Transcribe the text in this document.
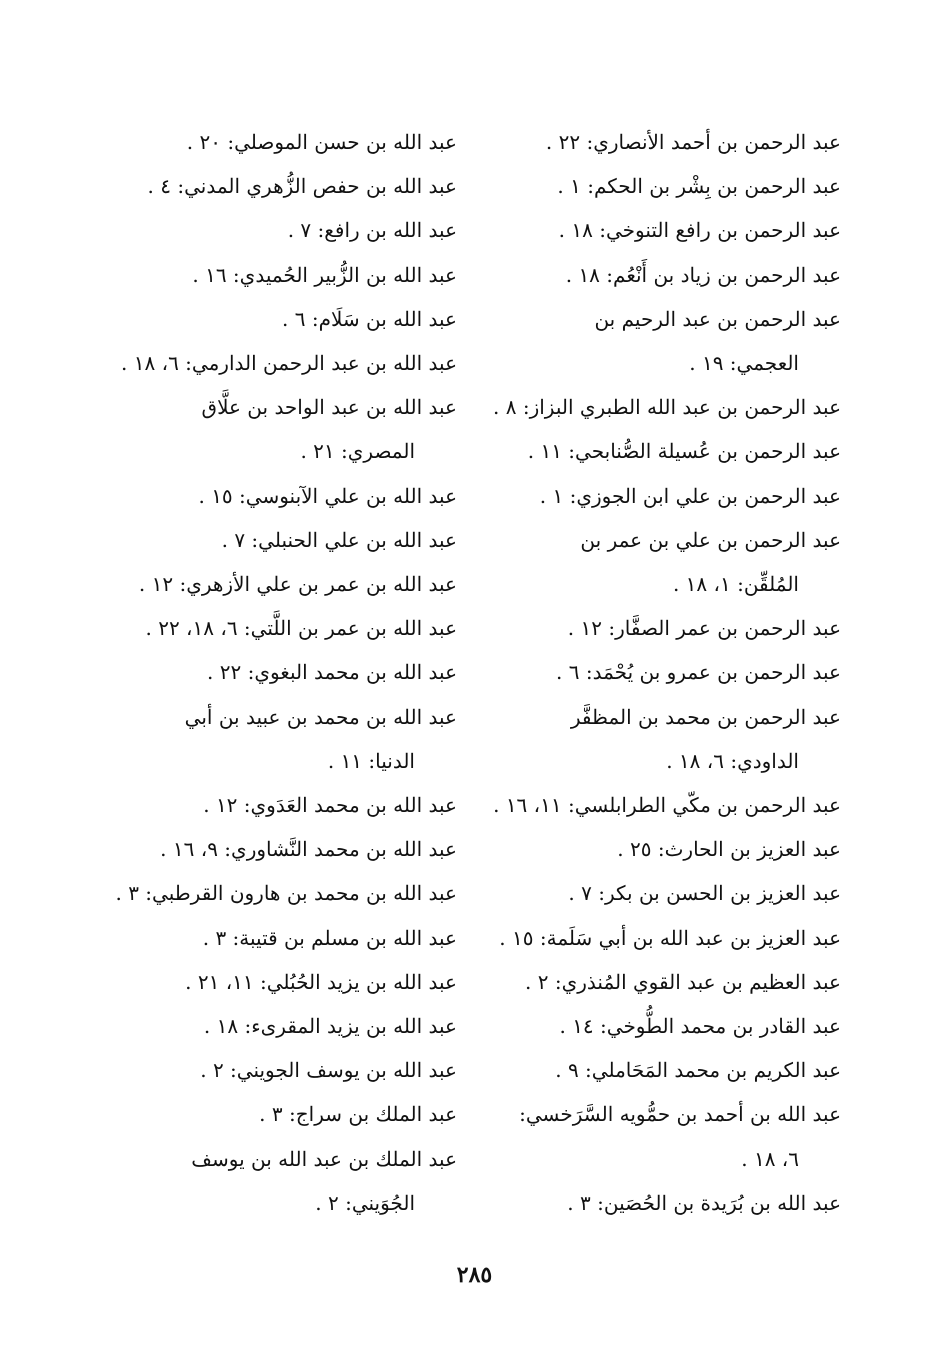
عبد الرحمن بن أحمد الأنصاري: ٢٢ .
عبد الرحمن بن بِشْر بن الحكم: ١ .
عبد الرحمن بن رافع التنوخي: ١٨ .
عبد الرحمن بن زياد بن أَنْعُم: ١٨ .
عبد الرحمن بن عبد الرحيم بن
العجمي: ١٩ .
عبد الرحمن بن عبد الله الطبري البزاز: ٨ .
عبد الرحمن بن عُسيلة الصُّنابحي: ١١ .
عبد الرحمن بن علي ابن الجوزي: ١ .
عبد الرحمن بن علي بن عمر بن
المُلقِّن: ١، ١٨ .
عبد الرحمن بن عمر الصفَّار: ١٢ .
عبد الرحمن بن عمرو بن يُحْمَد: ٦ .
عبد الرحمن بن محمد بن المظفَّر
الداودي: ٦، ١٨ .
عبد الرحمن بن مكّي الطرابلسي: ١١، ١٦ .
عبد العزيز بن الحارث: ٢٥ .
عبد العزيز بن الحسن بن بكر: ٧ .
عبد العزيز بن عبد الله بن أبي سَلَمة: ١٥ .
عبد العظيم بن عبد القوي المُنذري: ٢ .
عبد القادر بن محمد الطُّوخي: ١٤ .
عبد الكريم بن محمد المَحَاملي: ٩ .
عبد الله بن أحمد بن حمُّويه السَّرَخسي:
٦، ١٨ .
عبد الله بن بُرَيدة بن الحُصَين: ٣ .
عبد الله بن حسن الموصلي: ٢٠ .
عبد الله بن حفص الزُّهري المدني: ٤ .
عبد الله بن رافع: ٧ .
عبد الله بن الزُّبير الحُميدي: ١٦ .
عبد الله بن سَلَام: ٦ .
عبد الله بن عبد الرحمن الدارمي: ٦، ١٨ .
عبد الله بن عبد الواحد بن علَّاق
المصري: ٢١ .
عبد الله بن علي الآبنوسي: ١٥ .
عبد الله بن علي الحنبلي: ٧ .
عبد الله بن عمر بن علي الأزهري: ١٢ .
عبد الله بن عمر بن اللَّتي: ٦، ١٨، ٢٢ .
عبد الله بن محمد البغوي: ٢٢ .
عبد الله بن محمد بن عبيد بن أبي
الدنيا: ١١ .
عبد الله بن محمد العَدَوي: ١٢ .
عبد الله بن محمد النَّشاوري: ٩، ١٦ .
عبد الله بن محمد بن هارون القرطبي: ٣ .
عبد الله بن مسلم بن قتيبة: ٣ .
عبد الله بن يزيد الحُبُلي: ١١، ٢١ .
عبد الله بن يزيد المقرىء: ١٨ .
عبد الله بن يوسف الجويني: ٢ .
عبد الملك بن سراج: ٣ .
عبد الملك بن عبد الله بن يوسف
الجُوَيني: ٢ .
٢٨٥
